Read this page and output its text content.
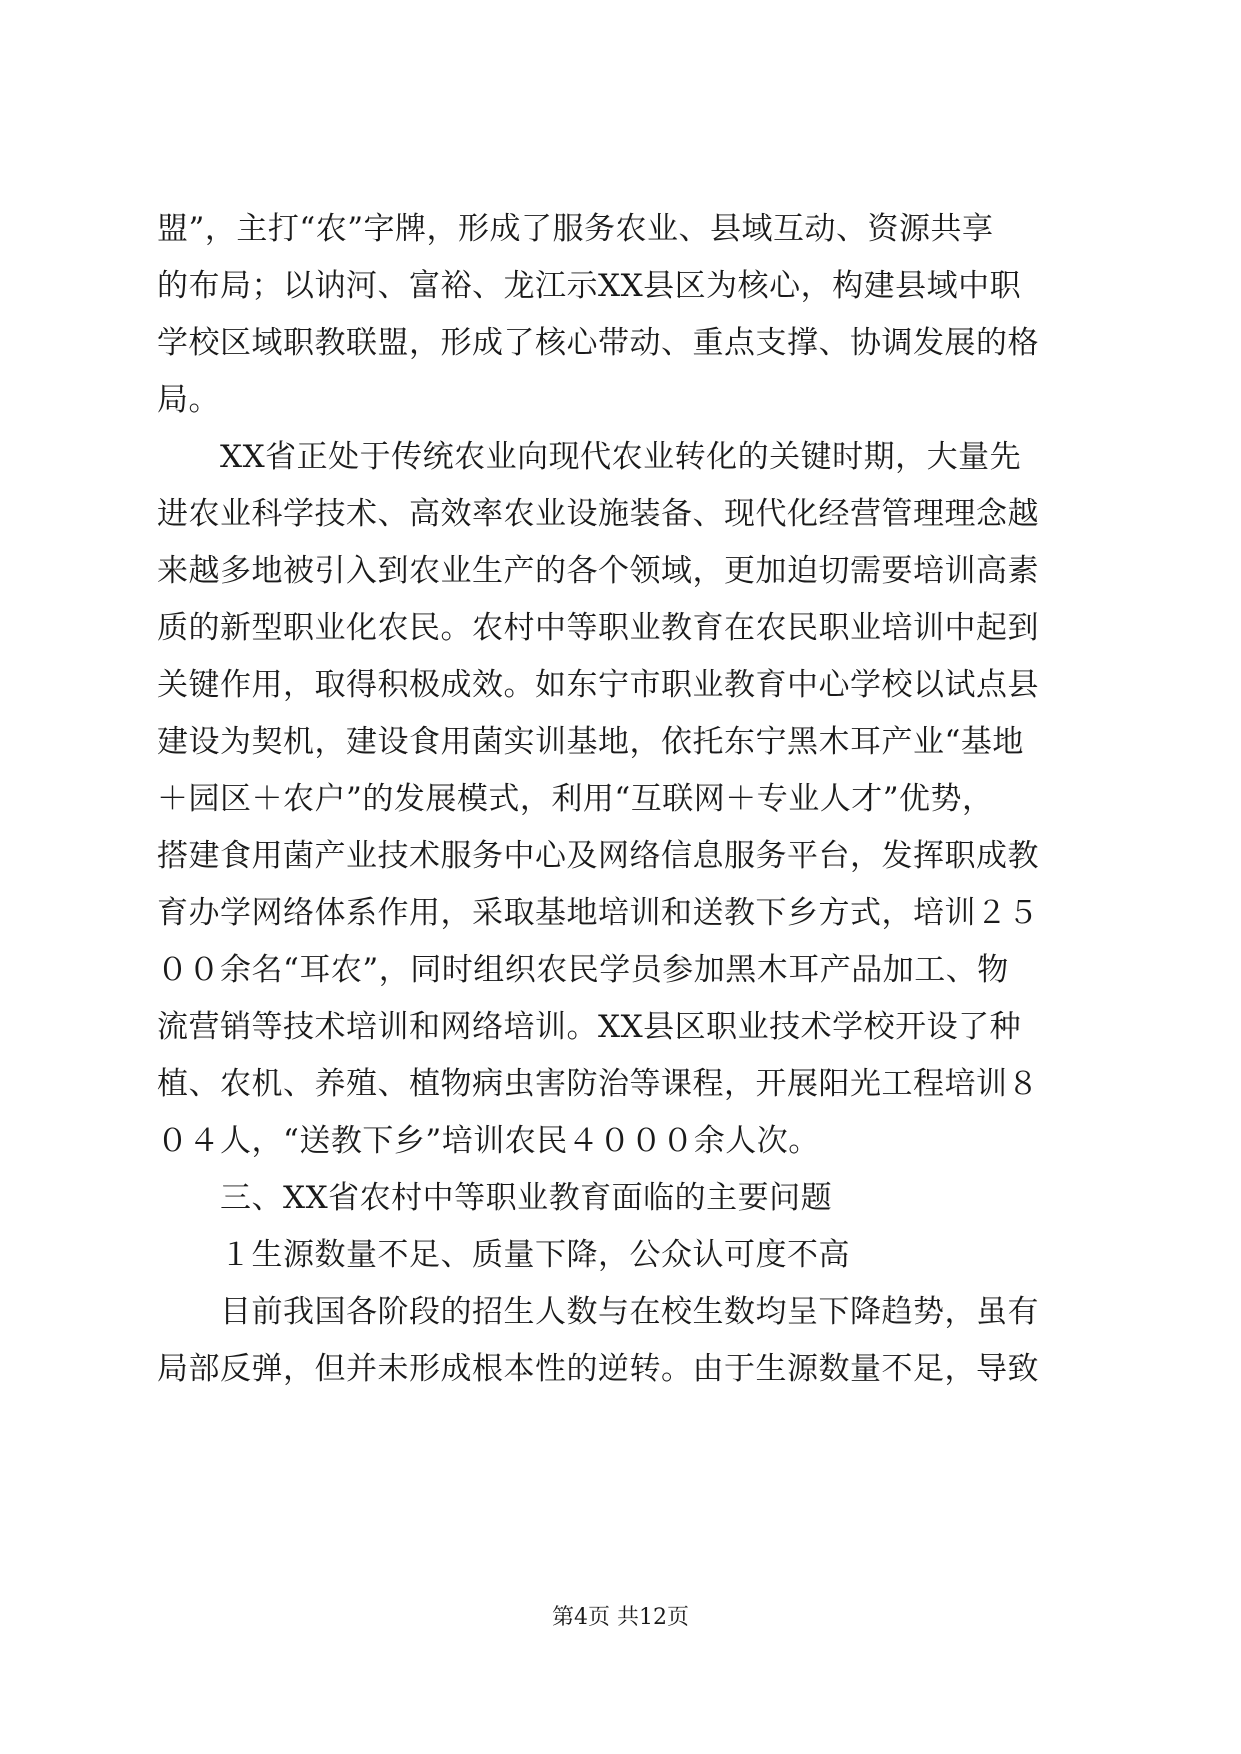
盟”，主打“农”字牌，形成了服务农业、县域互动、资源共享
的布局；以讷河、富裕、龙江示XX县区为核心，构建县域中职
学校区域职教联盟，形成了核心带动、重点支撑、协调发展的格
局。
　　XX省正处于传统农业向现代农业转化的关键时期，大量先
进农业科学技术、高效率农业设施装备、现代化经营管理理念越
来越多地被引入到农业生产的各个领域，更加迫切需要培训高素
质的新型职业化农民。农村中等职业教育在农民职业培训中起到
关键作用，取得积极成效。如东宁市职业教育中心学校以试点县
建设为契机，建设食用菌实训基地，依托东宁黑木耳产业“基地
＋园区＋农户”的发展模式，利用“互联网＋专业人才”优势，
搭建食用菌产业技术服务中心及网络信息服务平台，发挥职成教
育办学网络体系作用，采取基地培训和送教下乡方式，培训２５
００余名“耳农”，同时组织农民学员参加黑木耳产品加工、物
流营销等技术培训和网络培训。XX县区职业技术学校开设了种
植、农机、养殖、植物病虫害防治等课程，开展阳光工程培训８
０４人，“送教下乡”培训农民４０００余人次。
　　三、XX省农村中等职业教育面临的主要问题
　　１生源数量不足、质量下降，公众认可度不高
　　目前我国各阶段的招生人数与在校生数均呈下降趋势，虽有
局部反弹，但并未形成根本性的逆转。由于生源数量不足，导致
第4页 共12页
